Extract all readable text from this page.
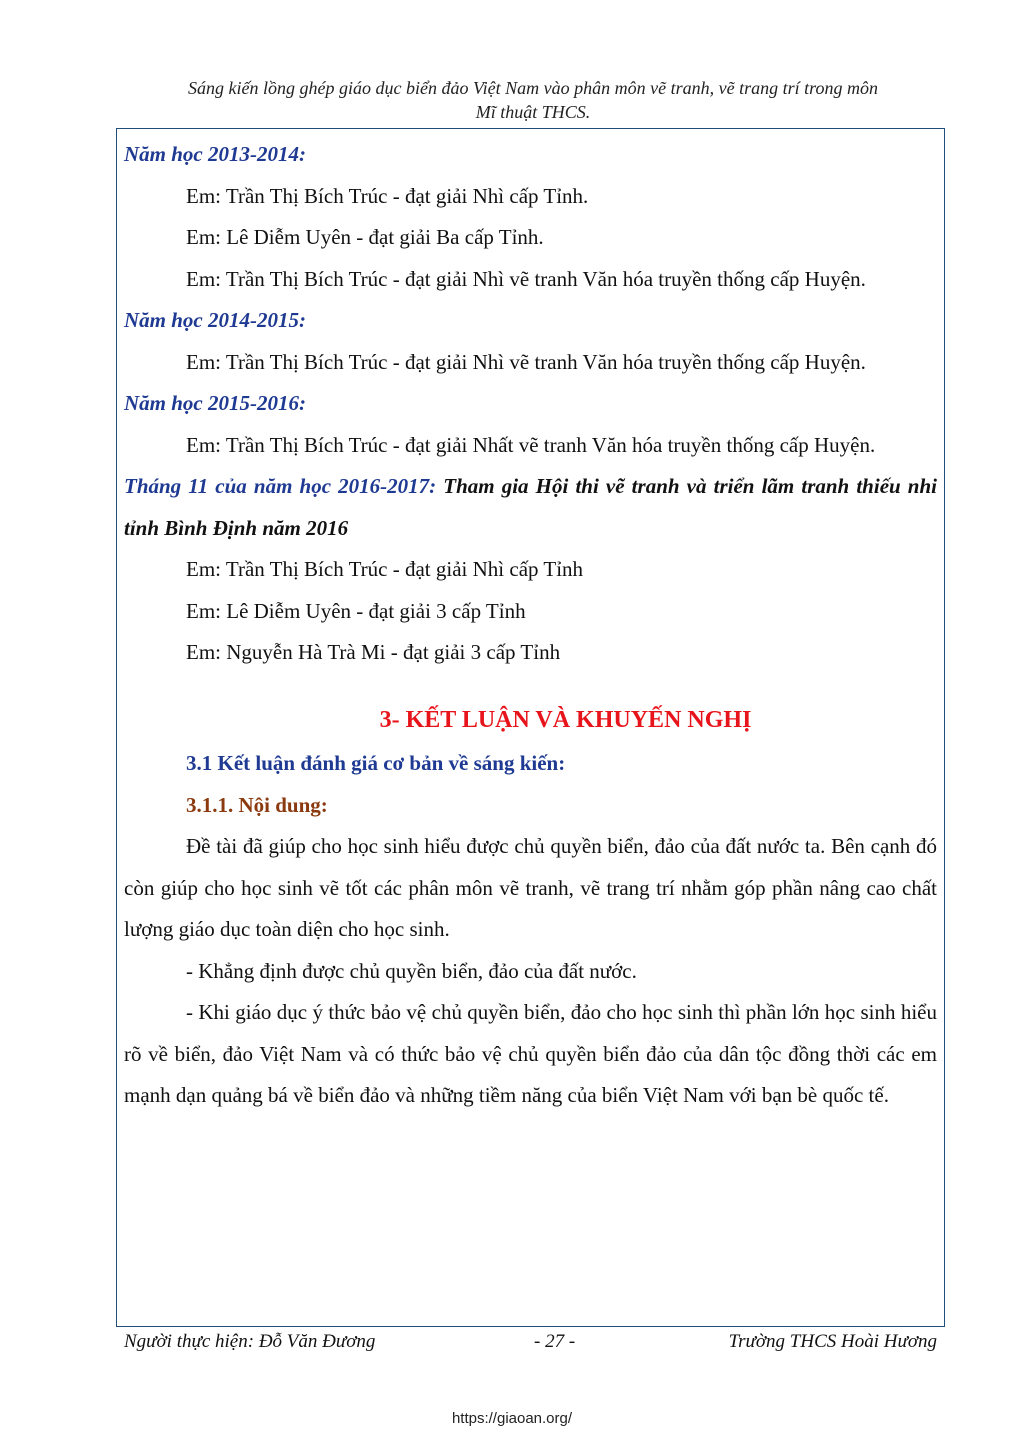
Sáng kiến lồng ghép giáo dục biển đảo Việt Nam vào phân môn vẽ tranh, vẽ trang trí trong môn
Mĩ thuật THCS.

Năm học 2013-2014:

Em: Trần Thị Bích Trúc - đạt giải Nhì cấp Tỉnh.

Em: Lê Diễm Uyên - đạt giải Ba cấp Tỉnh.

Em: Trần Thị Bích Trúc - đạt giải Nhì vẽ tranh Văn hóa truyền thống cấp Huyện.

Năm học 2014-2015:

Em: Trần Thị Bích Trúc - đạt giải Nhì vẽ tranh Văn hóa truyền thống cấp Huyện.

Năm học 2015-2016:

Em: Trần Thị Bích Trúc - đạt giải Nhất vẽ tranh Văn hóa truyền thống cấp Huyện.

Tháng 11 của năm học 2016-2017: Tham gia Hội thi vẽ tranh và triển lãm tranh thiếu nhi tỉnh Bình Định năm 2016

Em: Trần Thị Bích Trúc - đạt giải Nhì cấp Tỉnh

Em: Lê Diễm Uyên - đạt giải 3 cấp Tỉnh

Em: Nguyễn Hà Trà Mi - đạt giải 3 cấp Tỉnh

3- KẾT LUẬN VÀ KHUYẾN NGHỊ

3.1 Kết luận đánh giá cơ bản về sáng kiến:

3.1.1. Nội dung:

Đề tài đã giúp cho học sinh hiểu được chủ quyền biển, đảo của đất nước ta. Bên cạnh đó còn giúp cho học sinh vẽ tốt các phân môn vẽ tranh, vẽ trang trí nhằm góp phần nâng cao chất lượng giáo dục toàn diện cho học sinh.

- Khẳng định được chủ quyền biển, đảo của đất nước.

- Khi giáo dục ý thức bảo vệ chủ quyền biển, đảo cho học sinh thì phần lớn học sinh hiểu rõ về biển, đảo Việt Nam và có thức bảo vệ chủ quyền biển đảo của dân tộc đồng thời các em mạnh dạn quảng bá về biển đảo và những tiềm năng của biển Việt Nam với bạn bè quốc tế.

Người thực hiện: Đỗ Văn Đương	- 27 -	Trường THCS Hoài Hương
https://giaoan.org/
